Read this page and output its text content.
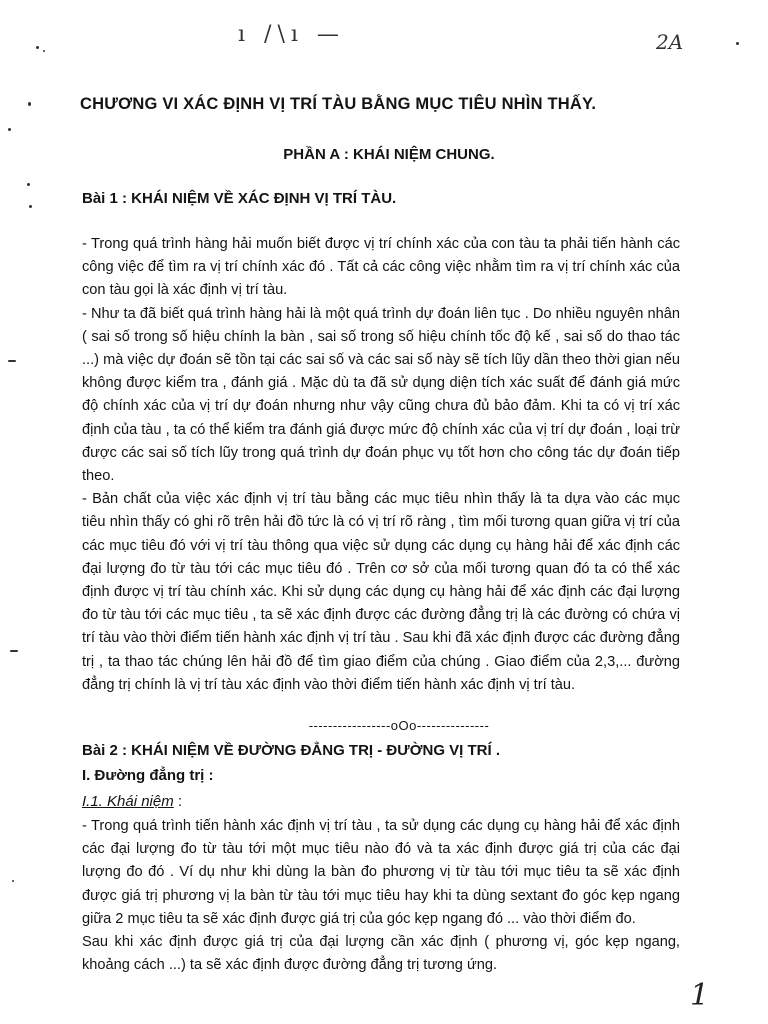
ı /\ı —	2A
CHƯƠNG VI XÁC ĐỊNH VỊ TRÍ TÀU BẰNG MỤC TIÊU NHÌN THẤY.
PHẦN A : KHÁI NIỆM CHUNG.
Bài 1 : KHÁI NIỆM VỀ XÁC ĐỊNH VỊ TRÍ TÀU.

- Trong quá trình hàng hải muốn biết được vị trí chính xác của con tàu ta phải tiến hành các công việc để tìm ra vị trí chính xác đó . Tất cả các công việc nhằm tìm ra vị trí chính xác của con tàu gọi là xác định vị trí tàu.

- Như ta đã biết quá trình hàng hải là một quá trình dự đoán liên tục . Do nhiều nguyên nhân ( sai số trong số hiệu chính la bàn , sai số trong số hiệu chính tốc độ kế , sai số do thao tác ...) mà việc dự đoán sẽ tồn tại các sai số và các sai số này sẽ tích lũy dần theo thời gian nếu không được kiểm tra , đánh giá . Mặc dù ta đã sử dụng diện tích xác suất để đánh giá mức độ chính xác của vị trí dự đoán nhưng như vậy cũng chưa đủ bảo đảm. Khi ta có vị trí xác định của tàu , ta có thể kiểm tra đánh giá được mức độ chính xác của vị trí dự đoán , loại trừ được các sai số tích lũy trong quá trình dự đoán phục vụ tốt hơn cho công tác dự đoán tiếp theo.

- Bản chất của việc xác định vị trí tàu bằng các mục tiêu nhìn thấy là ta dựa vào các mục tiêu nhìn thấy có ghi rõ trên hải đồ tức là có vị trí rõ ràng , tìm mối tương quan giữa vị trí của các mục tiêu đó với vị trí tàu thông qua việc sử dụng các dụng cụ hàng hải để xác định các đại lượng đo từ tàu tới các mục tiêu đó . Trên cơ sở của mối tương quan đó ta có thể xác định được vị trí tàu chính xác. Khi sử dụng các dụng cụ hàng hải để xác định các đại lượng đo từ tàu tới các mục tiêu , ta sẽ xác định được các đường đẳng trị là các đường có chứa vị trí tàu vào thời điểm tiến hành xác định vị trí tàu . Sau khi đã xác định được các đường đẳng trị , ta thao tác chúng lên hải đồ để tìm giao điểm của chúng . Giao điểm của 2,3,... đường đẳng trị chính là vị trí tàu xác định vào thời điểm tiến hành xác định vị trí tàu.

-----------------oOo---------------
Bài 2 : KHÁI NIỆM VỀ ĐƯỜNG ĐẲNG TRỊ - ĐƯỜNG VỊ TRÍ .
I. Đường đẳng trị :
I.1. Khái niệm :

- Trong quá trình tiến hành xác định vị trí tàu , ta sử dụng các dụng cụ hàng hải để xác định các đại lượng đo từ tàu tới một mục tiêu nào đó và ta xác định được giá trị của các đại lượng đo đó . Ví dụ như khi dùng la bàn đo phương vị từ tàu tới mục tiêu ta sẽ xác định được giá trị phương vị la bàn từ tàu tới mục tiêu hay khi ta dùng sextant đo góc kẹp ngang giữa 2 mục tiêu ta sẽ xác định được giá trị của góc kẹp ngang đó ... vào thời điểm đo.

Sau khi xác định được giá trị của đại lượng cần xác định ( phương vị, góc kẹp ngang, khoảng cách ...) ta sẽ xác định được đường đẳng trị tương ứng.

1
